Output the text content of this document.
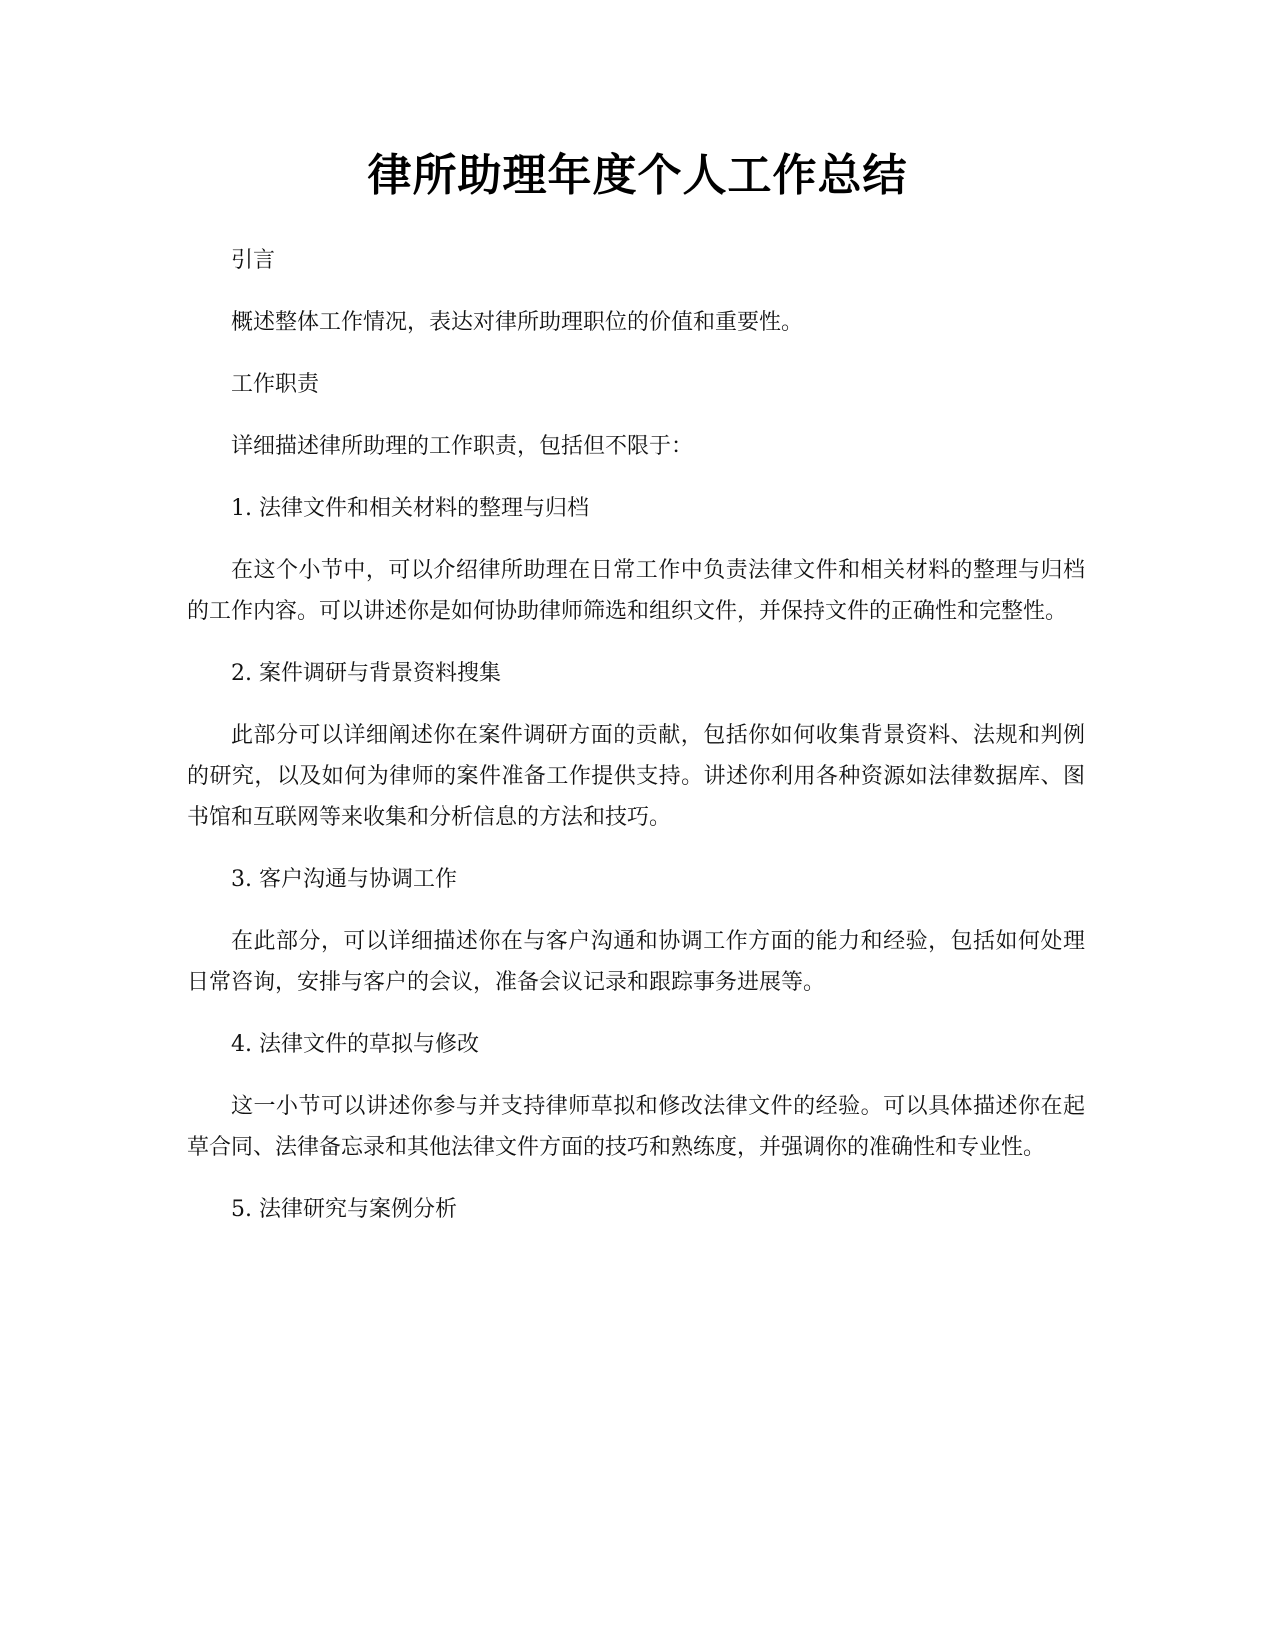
律所助理年度个人工作总结

引言

概述整体工作情况，表达对律所助理职位的价值和重要性。

工作职责

详细描述律所助理的工作职责，包括但不限于：

1. 法律文件和相关材料的整理与归档

在这个小节中，可以介绍律所助理在日常工作中负责法律文件和相关材料的整理与归档的工作内容。可以讲述你是如何协助律师筛选和组织文件，并保持文件的正确性和完整性。

2. 案件调研与背景资料搜集

此部分可以详细阐述你在案件调研方面的贡献，包括你如何收集背景资料、法规和判例的研究，以及如何为律师的案件准备工作提供支持。讲述你利用各种资源如法律数据库、图书馆和互联网等来收集和分析信息的方法和技巧。

3. 客户沟通与协调工作

在此部分，可以详细描述你在与客户沟通和协调工作方面的能力和经验，包括如何处理日常咨询，安排与客户的会议，准备会议记录和跟踪事务进展等。

4. 法律文件的草拟与修改

这一小节可以讲述你参与并支持律师草拟和修改法律文件的经验。可以具体描述你在起草合同、法律备忘录和其他法律文件方面的技巧和熟练度，并强调你的准确性和专业性。

5. 法律研究与案例分析
